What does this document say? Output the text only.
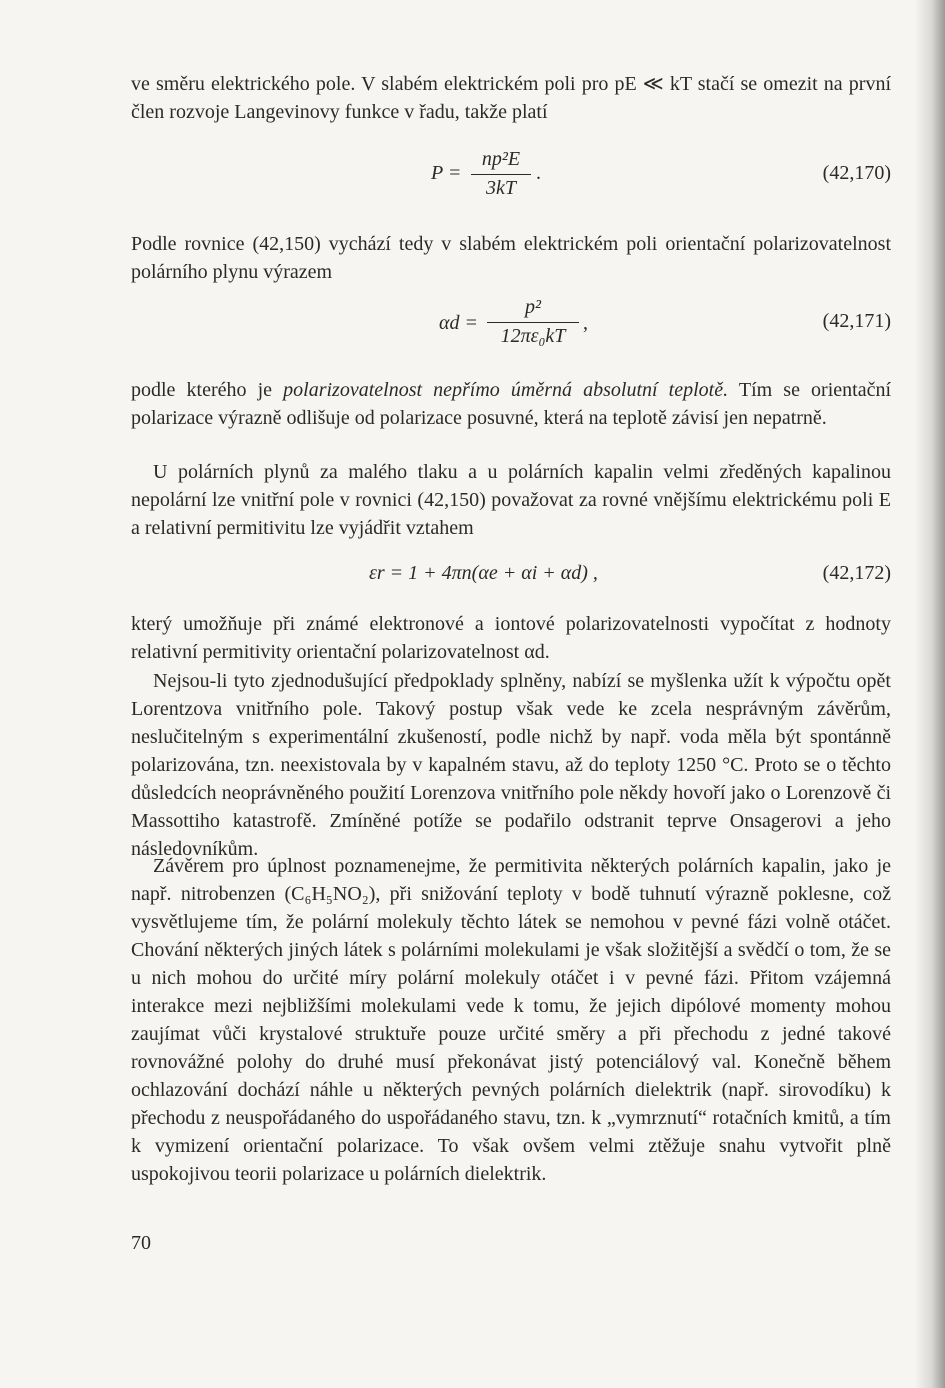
ve směru elektrického pole. V slabém elektrickém poli pro pE ≪ kT stačí se omezit na první člen rozvoje Langevinovy funkce v řadu, takže platí

P =
np²E
3kT
.	(42,170)

Podle rovnice (42,150) vychází tedy v slabém elektrickém poli orientační polarizovatelnost polárního plynu výrazem

αd =
p²
12πε₀kT
,	(42,171)

podle kterého je polarizovatelnost nepřímo úměrná absolutní teplotě. Tím se orientační polarizace výrazně odlišuje od polarizace posuvné, která na teplotě závisí jen nepatrně.

U polárních plynů za malého tlaku a u polárních kapalin velmi zředěných kapalinou nepolární lze vnitřní pole v rovnici (42,150) považovat za rovné vnějšímu elektrickému poli E a relativní permitivitu lze vyjádřit vztahem

εr = 1 + 4πn(αe + αi + αd) ,	(42,172)

který umožňuje při známé elektronové a iontové polarizovatelnosti vypočítat z hodnoty relativní permitivity orientační polarizovatelnost αd.

Nejsou-li tyto zjednodušující předpoklady splněny, nabízí se myšlenka užít k výpočtu opět Lorentzova vnitřního pole. Takový postup však vede ke zcela nesprávným závěrům, neslučitelným s experimentální zkušeností, podle nichž by např. voda měla být spontánně polarizována, tzn. neexistovala by v kapalném stavu, až do teploty 1250 °C. Proto se o těchto důsledcích neoprávněného použití Lorenzova vnitřního pole někdy hovoří jako o Lorenzově či Massottiho katastrofě. Zmíněné potíže se podařilo odstranit teprve Onsagerovi a jeho následovníkům.

Závěrem pro úplnost poznamenejme, že permitivita některých polárních kapalin, jako je např. nitrobenzen (C₆H₅NO₂), při snižování teploty v bodě tuhnutí výrazně poklesne, což vysvětlujeme tím, že polární molekuly těchto látek se nemohou v pevné fázi volně otáčet. Chování některých jiných látek s polárními molekulami je však složitější a svědčí o tom, že se u nich mohou do určité míry polární molekuly otáčet i v pevné fázi. Přitom vzájemná interakce mezi nejbližšími molekulami vede k tomu, že jejich dipólové momenty mohou zaujímat vůči krystalové struktuře pouze určité směry a při přechodu z jedné takové rovnovážné polohy do druhé musí překonávat jistý potenciálový val. Konečně během ochlazování dochází náhle u některých pevných polárních dielektrik (např. sirovodíku) k přechodu z neuspořádaného do uspořádaného stavu, tzn. k „vymrznutí“ rotačních kmitů, a tím k vymizení orientační polarizace. To však ovšem velmi ztěžuje snahu vytvořit plně uspokojivou teorii polarizace u polárních dielektrik.

70
